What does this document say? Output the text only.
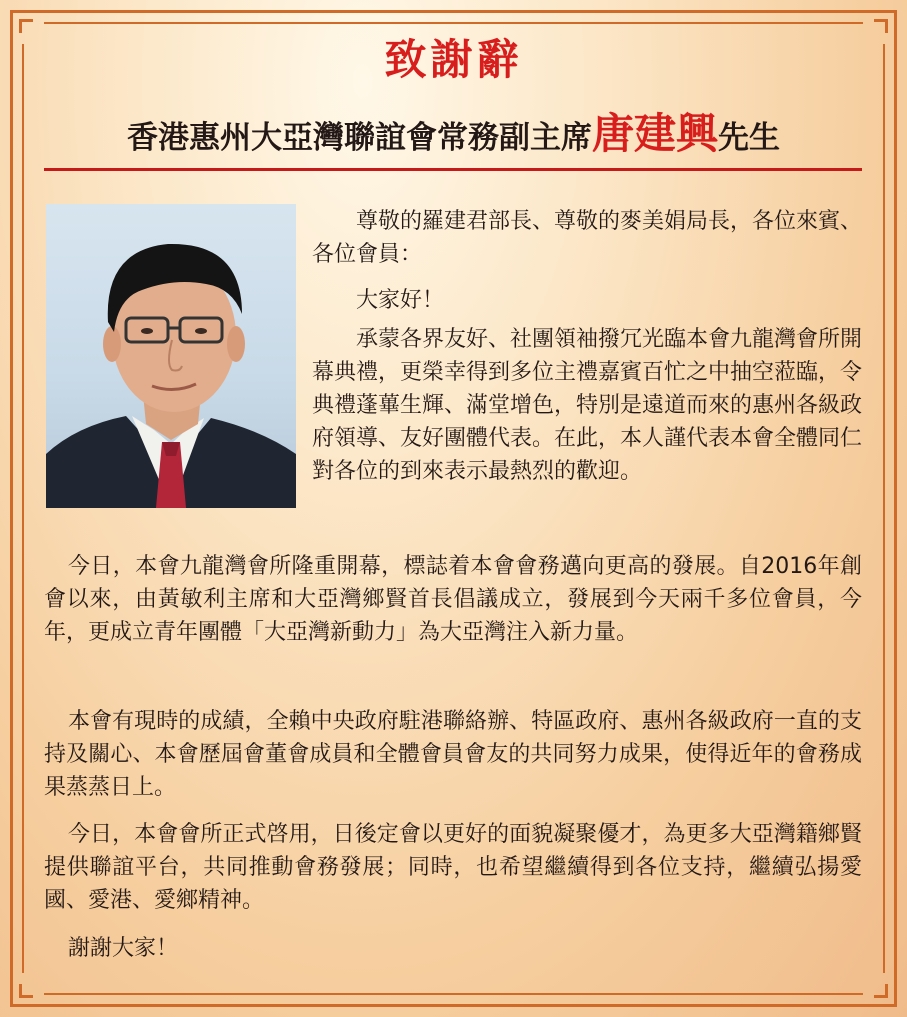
致謝辭
香港惠州大亞灣聯誼會常務副主席唐建興先生

尊敬的羅建君部長、尊敬的麥美娟局長，各位來賓、各位會員：

大家好！

承蒙各界友好、社團領袖撥冗光臨本會九龍灣會所開幕典禮，更榮幸得到多位主禮嘉賓百忙之中抽空蒞臨，令典禮蓬蓽生輝、滿堂增色，特別是遠道而來的惠州各級政府領導、友好團體代表。在此，本人謹代表本會全體同仁對各位的到來表示最熱烈的歡迎。

今日，本會九龍灣會所隆重開幕，標誌着本會會務邁向更高的發展。自2016年創會以來，由黃敏利主席和大亞灣鄉賢首長倡議成立，發展到今天兩千多位會員，今年，更成立青年團體「大亞灣新動力」為大亞灣注入新力量。

本會有現時的成績，全賴中央政府駐港聯絡辦、特區政府、惠州各級政府一直的支持及關心、本會歷屆會董會成員和全體會員會友的共同努力成果，使得近年的會務成果蒸蒸日上。

今日，本會會所正式啓用，日後定會以更好的面貌凝聚優才，為更多大亞灣籍鄉賢提供聯誼平台，共同推動會務發展；同時，也希望繼續得到各位支持，繼續弘揚愛國、愛港、愛鄉精神。

謝謝大家！
